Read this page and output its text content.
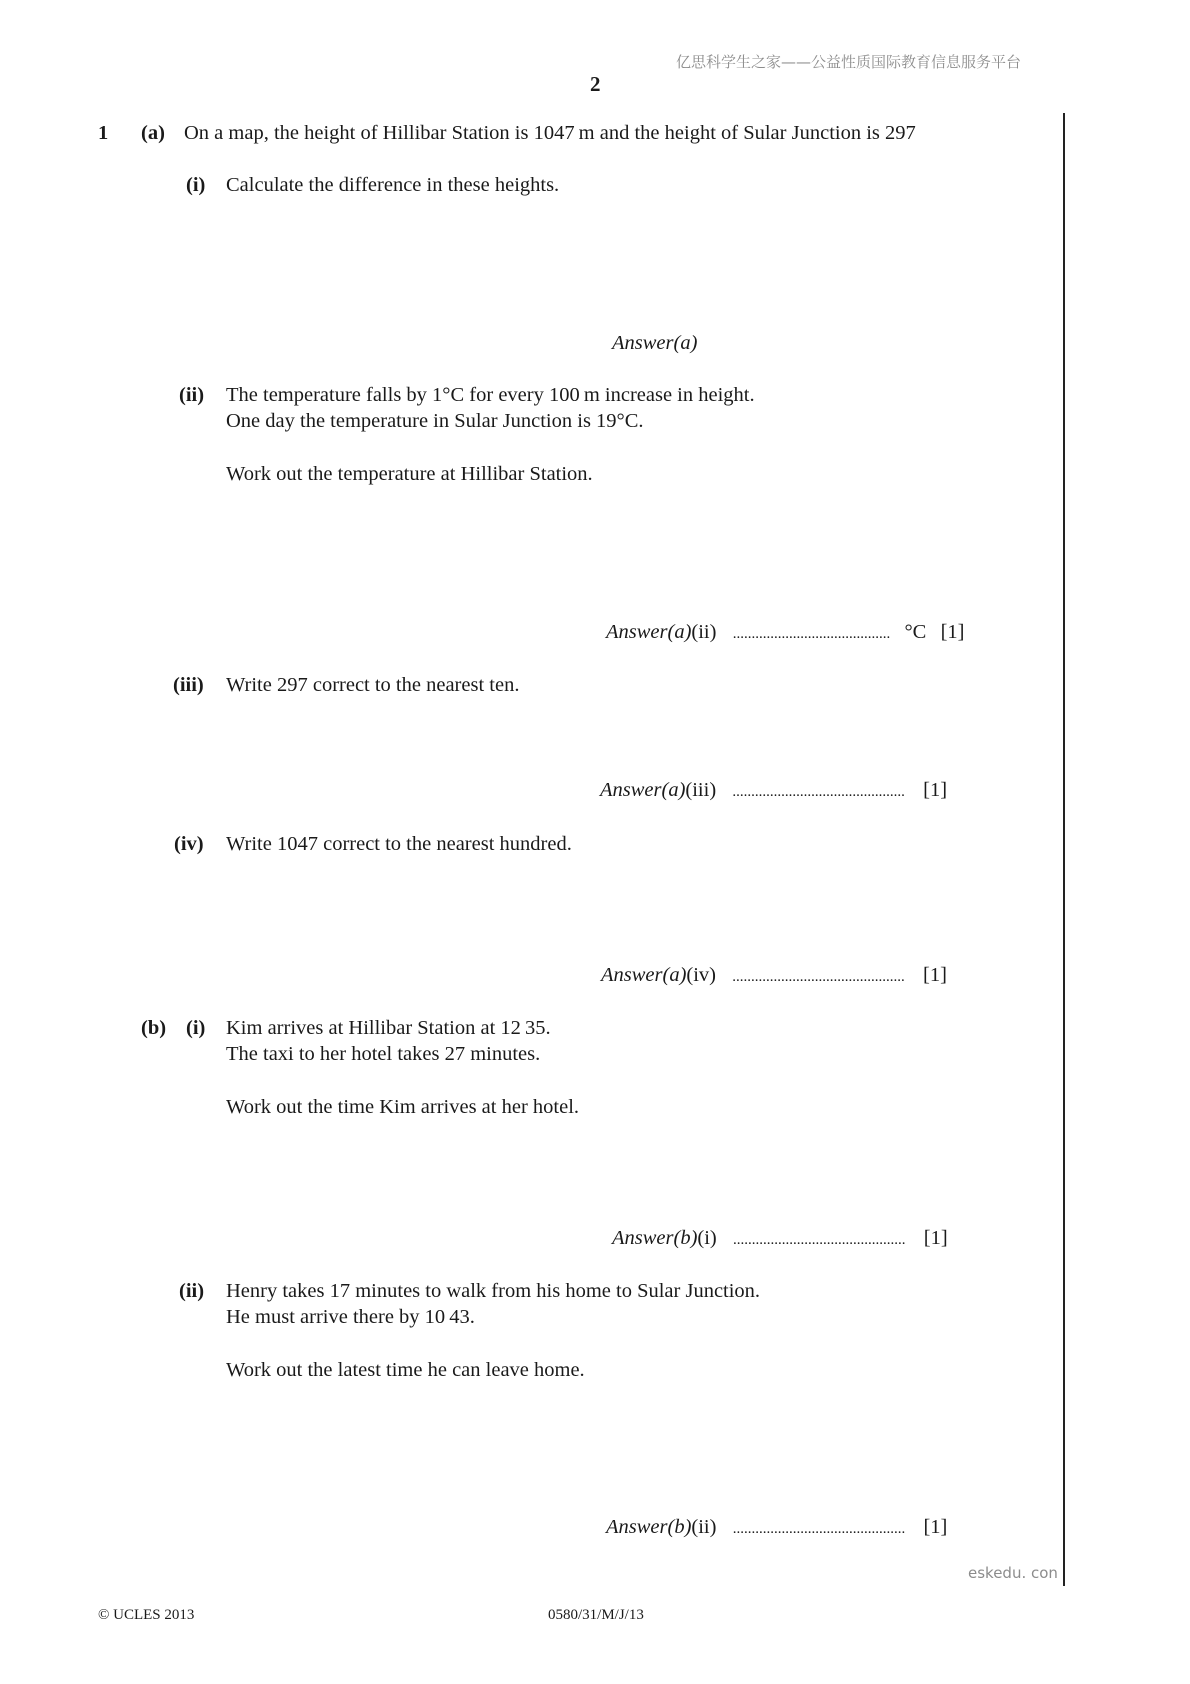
亿思科学生之家——公益性质国际教育信息服务平台
2
1 (a) On a map, the height of Hillibar Station is 1047 m and the height of Sular Junction is 297
(i) Calculate the difference in these heights.
Answer(a)
(ii) The temperature falls by 1°C for every 100 m increase in height.
One day the temperature in Sular Junction is 19°C.
Work out the temperature at Hillibar Station.
Answer(a)(ii) .......................................... °C [1]
(iii) Write 297 correct to the nearest ten.
Answer(a)(iii) .............................................. [1]
(iv) Write 1047 correct to the nearest hundred.
Answer(a)(iv) .............................................. [1]
(b) (i) Kim arrives at Hillibar Station at 12 35.
The taxi to her hotel takes 27 minutes.
Work out the time Kim arrives at her hotel.
Answer(b)(i) .............................................. [1]
(ii) Henry takes 17 minutes to walk from his home to Sular Junction.
He must arrive there by 10 43.
Work out the latest time he can leave home.
Answer(b)(ii) .............................................. [1]
eskedu. con
© UCLES 2013	0580/31/M/J/13
